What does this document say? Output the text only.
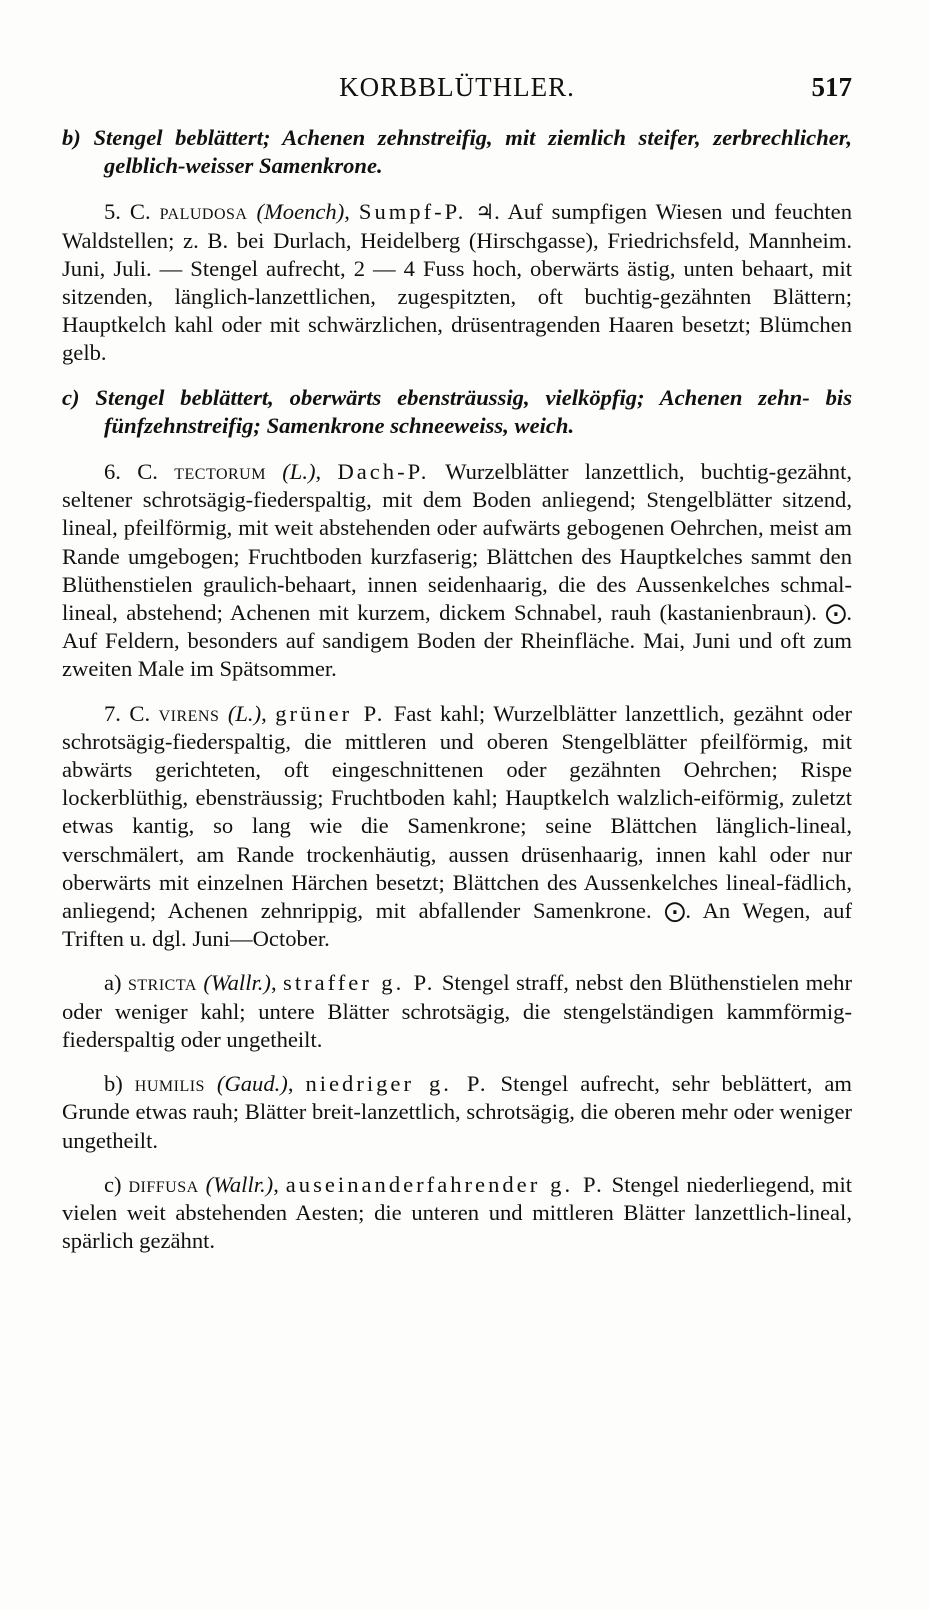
KORBBLÜTHLER.	517

b) Stengel beblättert; Achenen zehnstreifig, mit ziemlich steifer, zerbrechlicher, gelblich-weisser Samenkrone.

5. C. paludosa (Moench), Sumpf-P. ♃. Auf sumpfigen Wiesen und feuchten Waldstellen; z. B. bei Durlach, Heidelberg (Hirschgasse), Friedrichsfeld, Mannheim. Juni, Juli. — Stengel aufrecht, 2 — 4 Fuss hoch, oberwärts ästig, unten behaart, mit sitzenden, länglich-lanzettlichen, zugespitzten, oft buchtig-gezähnten Blättern; Hauptkelch kahl oder mit schwärzlichen, drüsentragenden Haaren besetzt; Blümchen gelb.

c) Stengel beblättert, oberwärts ebensträussig, vielköpfig; Achenen zehn- bis fünfzehnstreifig; Samenkrone schneeweiss, weich.

6. C. tectorum (L.), Dach-P. Wurzelblätter lanzettlich, buchtig-gezähnt, seltener schrotsägig-fiederspaltig, mit dem Boden anliegend; Stengelblätter sitzend, lineal, pfeilförmig, mit weit abstehenden oder aufwärts gebogenen Oehrchen, meist am Rande umgebogen; Fruchtboden kurzfaserig; Blättchen des Hauptkelches sammt den Blüthenstielen graulich-behaart, innen seidenhaarig, die des Aussenkelches schmal-lineal, abstehend; Achenen mit kurzem, dickem Schnabel, rauh (kastanienbraun). ⨀. Auf Feldern, besonders auf sandigem Boden der Rheinfläche. Mai, Juni und oft zum zweiten Male im Spätsommer.

7. C. virens (L.), grüner P. Fast kahl; Wurzelblätter lanzettlich, gezähnt oder schrotsägig-fiederspaltig, die mittleren und oberen Stengelblätter pfeilförmig, mit abwärts gerichteten, oft eingeschnittenen oder gezähnten Oehrchen; Rispe lockerblüthig, ebensträussig; Fruchtboden kahl; Hauptkelch walzlich-eiförmig, zuletzt etwas kantig, so lang wie die Samenkrone; seine Blättchen länglich-lineal, verschmälert, am Rande trockenhäutig, aussen drüsenhaarig, innen kahl oder nur oberwärts mit einzelnen Härchen besetzt; Blättchen des Aussenkelches lineal-fädlich, anliegend; Achenen zehnrippig, mit abfallender Samenkrone. ⨀. An Wegen, auf Triften u. dgl. Juni—October.

a) stricta (Wallr.), straffer g. P. Stengel straff, nebst den Blüthenstielen mehr oder weniger kahl; untere Blätter schrotsägig, die stengelständigen kammförmig-fiederspaltig oder ungetheilt.

b) humilis (Gaud.), niedriger g. P. Stengel aufrecht, sehr beblättert, am Grunde etwas rauh; Blätter breit-lanzettlich, schrotsägig, die oberen mehr oder weniger ungetheilt.

c) diffusa (Wallr.), auseinanderfahrender g. P. Stengel niederliegend, mit vielen weit abstehenden Aesten; die unteren und mittleren Blätter lanzettlich-lineal, spärlich gezähnt.
